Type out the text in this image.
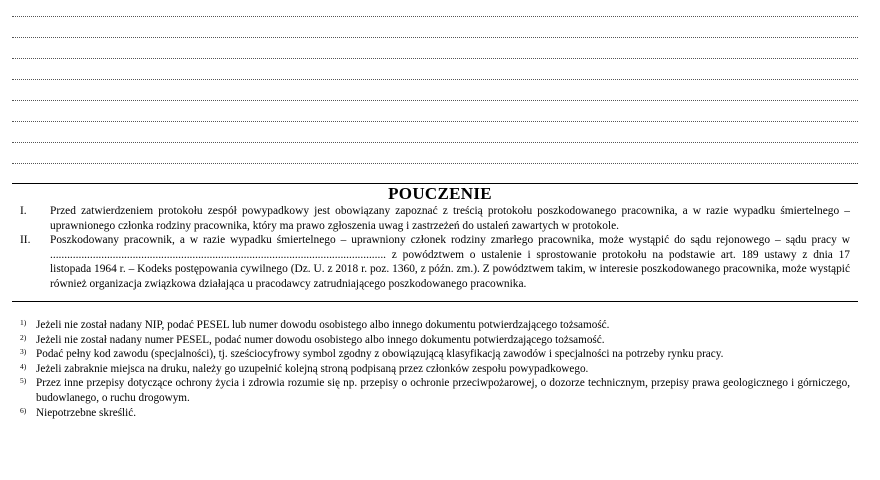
POUCZENIE
I.	Przed zatwierdzeniem protokołu zespół powypadkowy jest obowiązany zapoznać z treścią protokołu poszkodowanego pracownika, a w razie wypadku śmiertelnego – uprawnionego członka rodziny pracownika, który ma prawo zgłoszenia uwag i zastrzeżeń do ustaleń zawartych w protokole.
II.	Poszkodowany pracownik, a w razie wypadku śmiertelnego – uprawniony członek rodziny zmarłego pracownika, może wystąpić do sądu rejonowego – sądu pracy w ...................................................................................................................... z powództwem o ustalenie i sprostowanie protokołu na podstawie art. 189 ustawy z dnia 17 listopada 1964 r. – Kodeks postępowania cywilnego (Dz. U. z 2018 r. poz. 1360, z późn. zm.). Z powództwem takim, w interesie poszkodowanego pracownika, może wystąpić również organizacja związkowa działająca u pracodawcy zatrudniającego poszkodowanego pracownika.
1) Jeżeli nie został nadany NIP, podać PESEL lub numer dowodu osobistego albo innego dokumentu potwierdzającego tożsamość.
2) Jeżeli nie został nadany numer PESEL, podać numer dowodu osobistego albo innego dokumentu potwierdzającego tożsamość.
3) Podać pełny kod zawodu (specjalności), tj. sześciocyfrowy symbol zgodny z obowiązującą klasyfikacją zawodów i specjalności na potrzeby rynku pracy.
4) Jeżeli zabraknie miejsca na druku, należy go uzupełnić kolejną stroną podpisaną przez członków zespołu powypadkowego.
5) Przez inne przepisy dotyczące ochrony życia i zdrowia rozumie się np. przepisy o ochronie przeciwpożarowej, o dozorze technicznym, przepisy prawa geologicznego i górniczego, budowlanego, o ruchu drogowym.
6) Niepotrzebne skreślić.
